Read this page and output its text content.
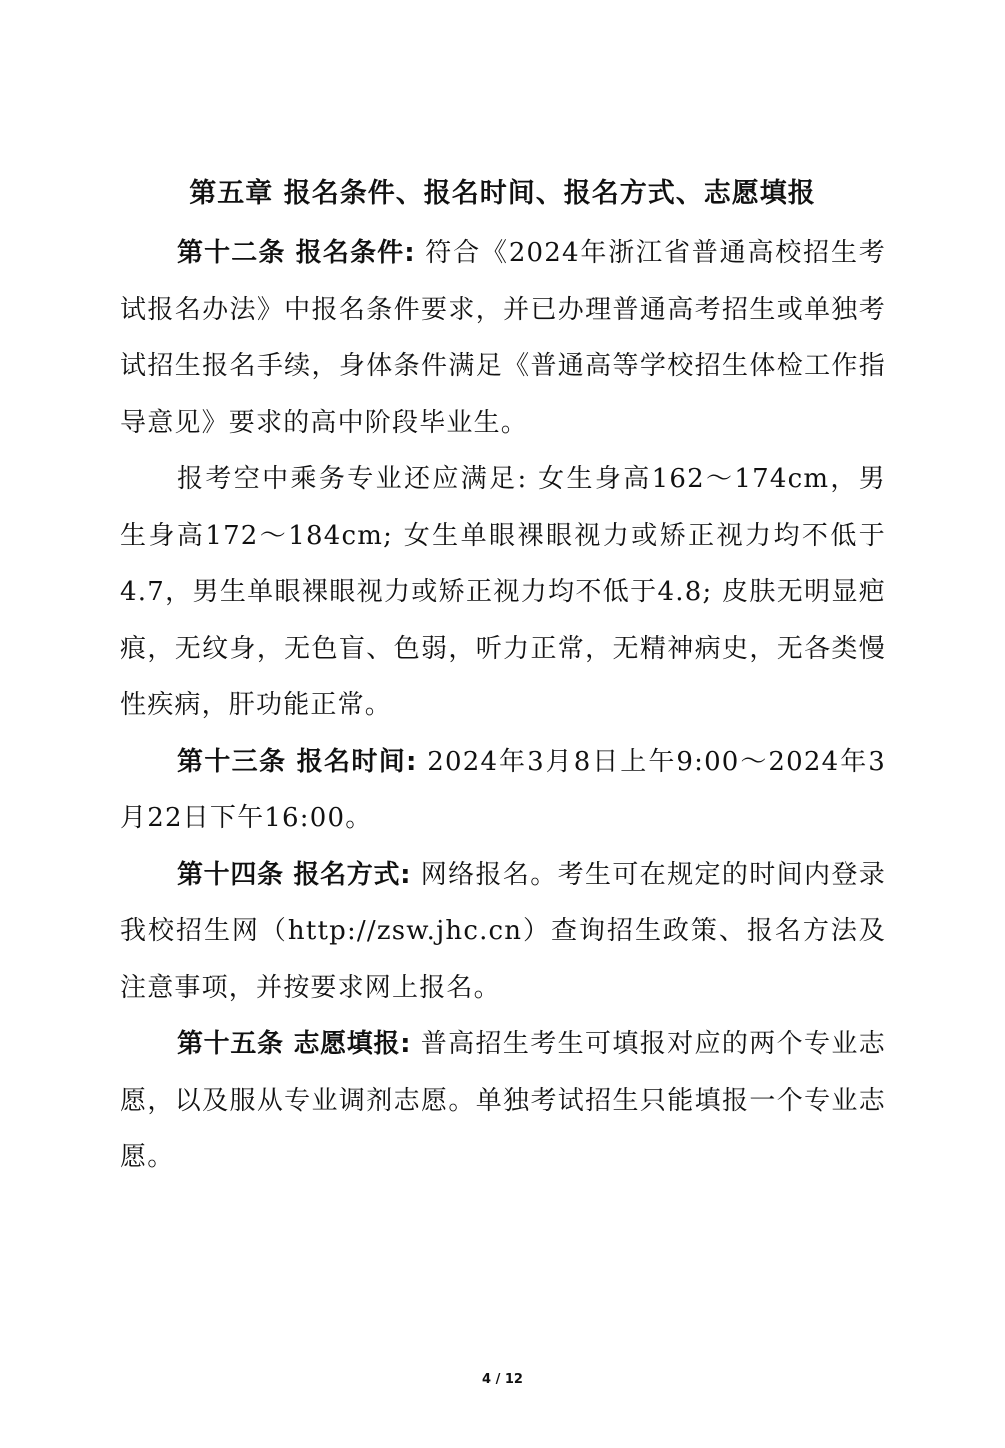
第五章 报名条件、报名时间、报名方式、志愿填报

第十二条 报名条件: 符合《2024年浙江省普通高校招生考试报名办法》中报名条件要求，并已办理普通高考招生或单独考试招生报名手续，身体条件满足《普通高等学校招生体检工作指导意见》要求的高中阶段毕业生。

报考空中乘务专业还应满足: 女生身高162～174cm，男生身高172～184cm; 女生单眼裸眼视力或矫正视力均不低于4.7，男生单眼裸眼视力或矫正视力均不低于4.8; 皮肤无明显疤痕，无纹身，无色盲、色弱，听力正常，无精神病史，无各类慢性疾病，肝功能正常。

第十三条 报名时间: 2024年3月8日上午9:00～2024年3月22日下午16:00。

第十四条 报名方式: 网络报名。考生可在规定的时间内登录我校招生网（http://zsw.jhc.cn）查询招生政策、报名方法及注意事项，并按要求网上报名。

第十五条 志愿填报: 普高招生考生可填报对应的两个专业志愿，以及服从专业调剂志愿。单独考试招生只能填报一个专业志愿。

4 / 12
